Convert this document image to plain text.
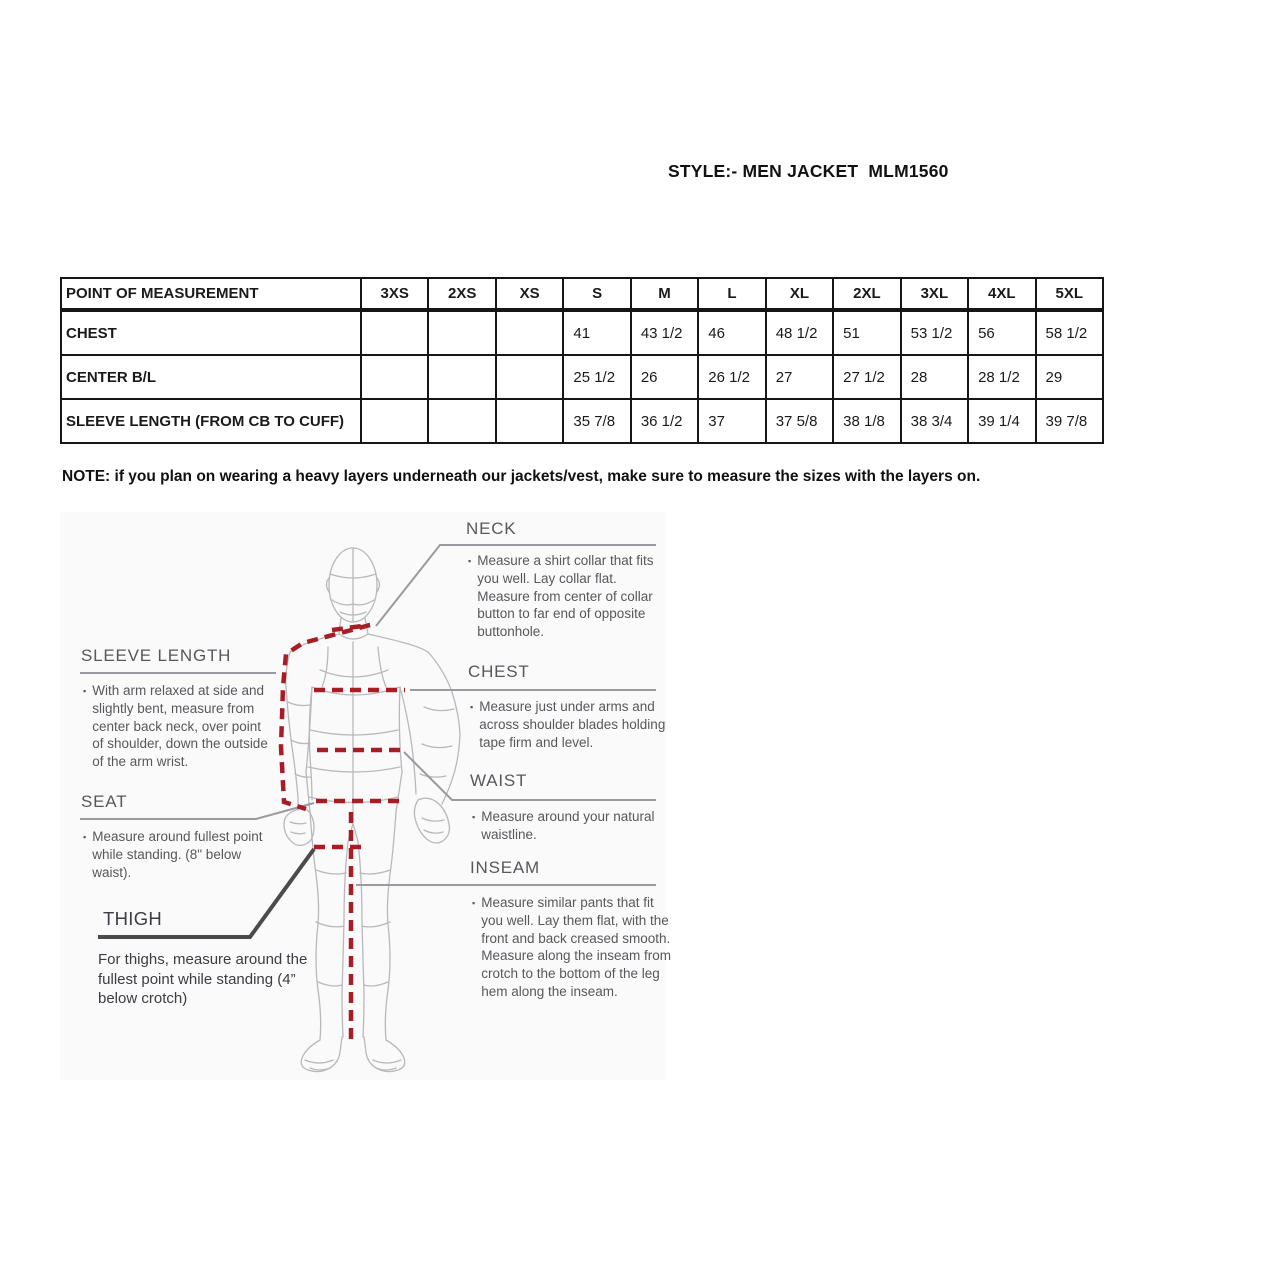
STYLE:- MEN JACKET  MLM1560
POINT OF MEASUREMENT	3XS	2XS	XS	S	M	L	XL	2XL	3XL	4XL	5XL
CHEST				41	43 1/2	46	48 1/2	51	53 1/2	56	58 1/2
CENTER B/L				25 1/2	26	26 1/2	27	27 1/2	28	28 1/2	29
SLEEVE LENGTH (FROM CB TO CUFF)				35 7/8	36 1/2	37	37 5/8	38 1/8	38 3/4	39 1/4	39 7/8
NOTE: if you plan on wearing a heavy layers underneath our jackets/vest, make sure to measure the sizes with the layers on.
NECK
▪ Measure a shirt collar that fits you well. Lay collar flat. Measure from center of collar button to far end of opposite buttonhole.
SLEEVE LENGTH
▪ With arm relaxed at side and slightly bent, measure from center back neck, over point of shoulder, down the outside of the arm wrist.
CHEST
▪ Measure just under arms and across shoulder blades holding tape firm and level.
SEAT
▪ Measure around fullest point while standing. (8" below waist).
WAIST
▪ Measure around your natural waistline.
INSEAM
▪ Measure similar pants that fit you well. Lay them flat, with the front and back creased smooth. Measure along the inseam from crotch to the bottom of the leg hem along the inseam.
THIGH
For thighs, measure around the fullest point while standing (4” below crotch)
